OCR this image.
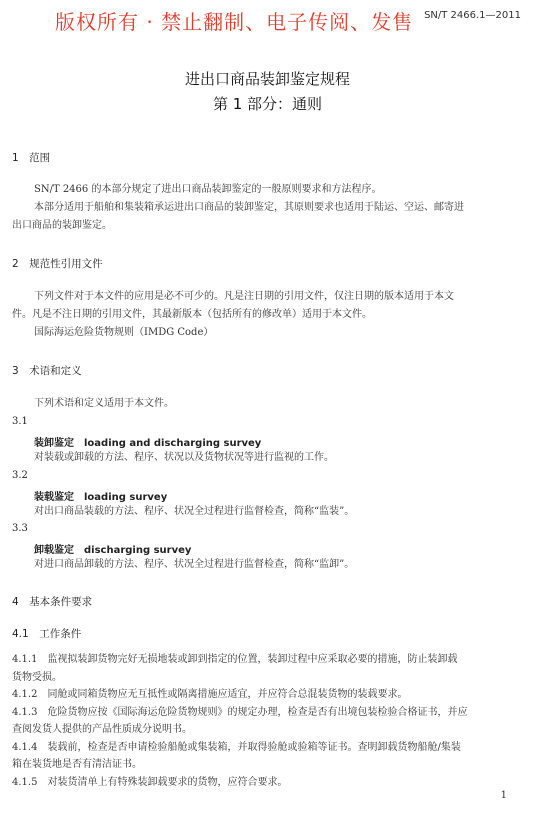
版权所有 · 禁止翻制、电子传阅、发售 SN/T 2466.1—2011
进出口商品装卸鉴定规程
第 1 部分：通则
1　范围
SN/T 2466 的本部分规定了进出口商品装卸鉴定的一般原则要求和方法程序。
本部分适用于船舶和集装箱承运进出口商品的装卸鉴定，其原则要求也适用于陆运、空运、邮寄进
出口商品的装卸鉴定。
2　规范性引用文件
下列文件对于本文件的应用是必不可少的。凡是注日期的引用文件，仅注日期的版本适用于本文
件。凡是不注日期的引用文件，其最新版本（包括所有的修改单）适用于本文件。
国际海运危险货物规则（IMDG Code）
3　术语和定义
下列术语和定义适用于本文件。
3.1
装卸鉴定　 loading and discharging survey
对装载或卸载的方法、程序、状况以及货物状况等进行监视的工作。
3.2
装载鉴定　 loading survey
对出口商品装载的方法、程序、状况全过程进行监督检查，简称“监装”。
3.3
卸载鉴定　 discharging survey
对进口商品卸载的方法、程序、状况全过程进行监督检查，简称“监卸”。
4　基本条件要求
4.1　工作条件
4.1.1　监视拟装卸货物完好无损地装或卸到指定的位置，装卸过程中应采取必要的措施，防止装卸载
货物受损。
4.1.2　同舱或同箱货物应无互抵性或隔离措施应适宜，并应符合总混装货物的装载要求。
4.1.3　危险货物应按《国际海运危险货物规则》的规定办理，检查是否有出境包装检验合格证书，并应
查阅发货人提供的产品性质成分说明书。
4.1.4　装载前，检查是否申请检验船舱或集装箱，并取得验舱或验箱等证书。查明卸载货物船舱/集装
箱在装货地是否有清洁证书。
4.1.5　对装货清单上有特殊装卸载要求的货物，应符合要求。
1
